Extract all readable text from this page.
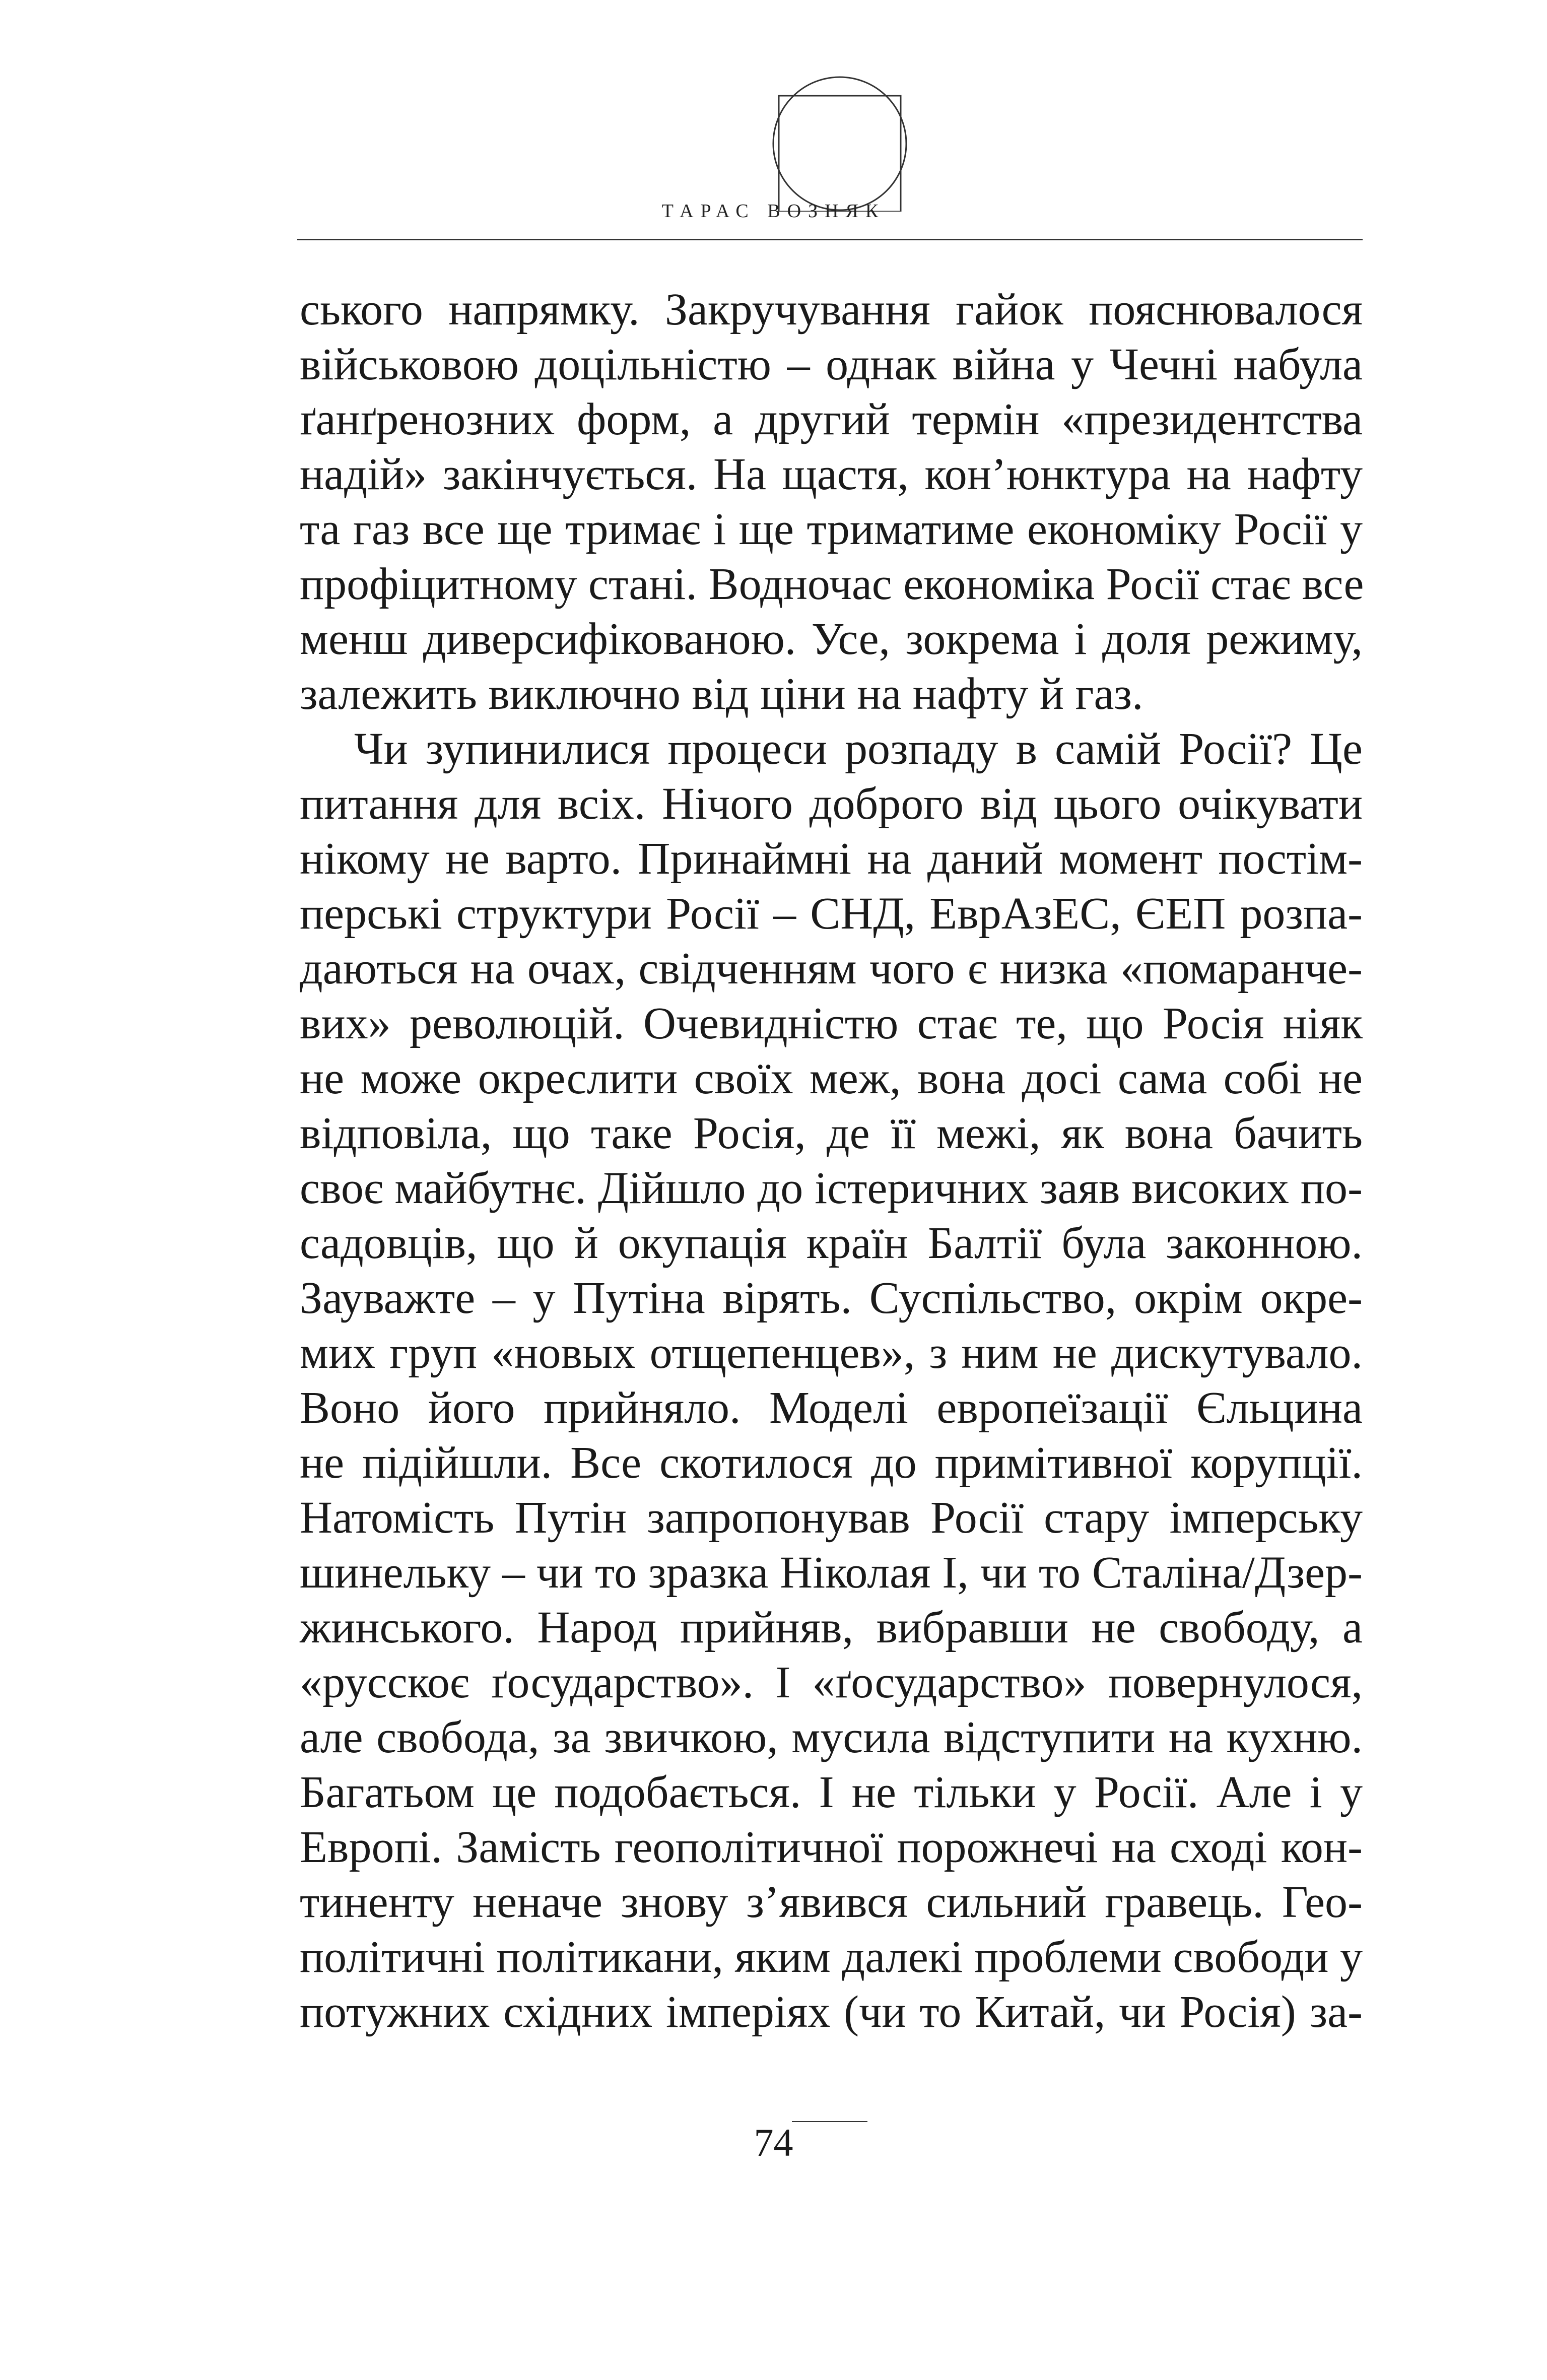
ТАРАС ВОЗНЯК
ського напрямку. Закручування гайок пояснювалося
військовою доцільністю – однак війна у Чечні набула
ґанґренозних форм, а другий термін «президентства
надій» закінчується. На щастя, кон’юнктура на нафту
та газ все ще тримає і ще триматиме економіку Росії у
профіцитному стані. Водночас економіка Росії стає все
менш диверсифікованою. Усе, зокрема і доля режиму,
залежить виключно від ціни на нафту й газ.
Чи зупинилися процеси розпаду в самій Росії? Це
питання для всіх. Нічого доброго від цього очікувати
нікому не варто. Принаймні на даний момент постім-
перські структури Росії – СНД, ЕврАзЕС, ЄЕП розпа-
даються на очах, свідченням чого є низка «помаранче-
вих» революцій. Очевидністю стає те, що Росія ніяк
не може окреслити своїх меж, вона досі сама собі не
відповіла, що таке Росія, де її межі, як вона бачить
своє майбутнє. Дійшло до істеричних заяв високих по-
садовців, що й окупація країн Балтії була законною.
Зауважте – у Путіна вірять. Суспільство, окрім окре-
мих груп «новых отщепенцев», з ним не дискутувало.
Воно його прийняло. Моделі европеїзації Єльцина
не підійшли. Все скотилося до примітивної корупції.
Натомість Путін запропонував Росії стару імперську
шинельку – чи то зразка Ніколая І, чи то Сталіна/Дзер-
жинського. Народ прийняв, вибравши не свободу, а
«русскоє ґосударство». І «ґосударство» повернулося,
але свобода, за звичкою, мусила відступити на кухню.
Багатьом це подобається. І не тільки у Росії. Але і у
Европі. Замість геополітичної порожнечі на сході кон-
тиненту неначе знову з’явився сильний гравець. Гео-
політичні політикани, яким далекі проблеми свободи у
потужних східних імперіях (чи то Китай, чи Росія) за-
74
